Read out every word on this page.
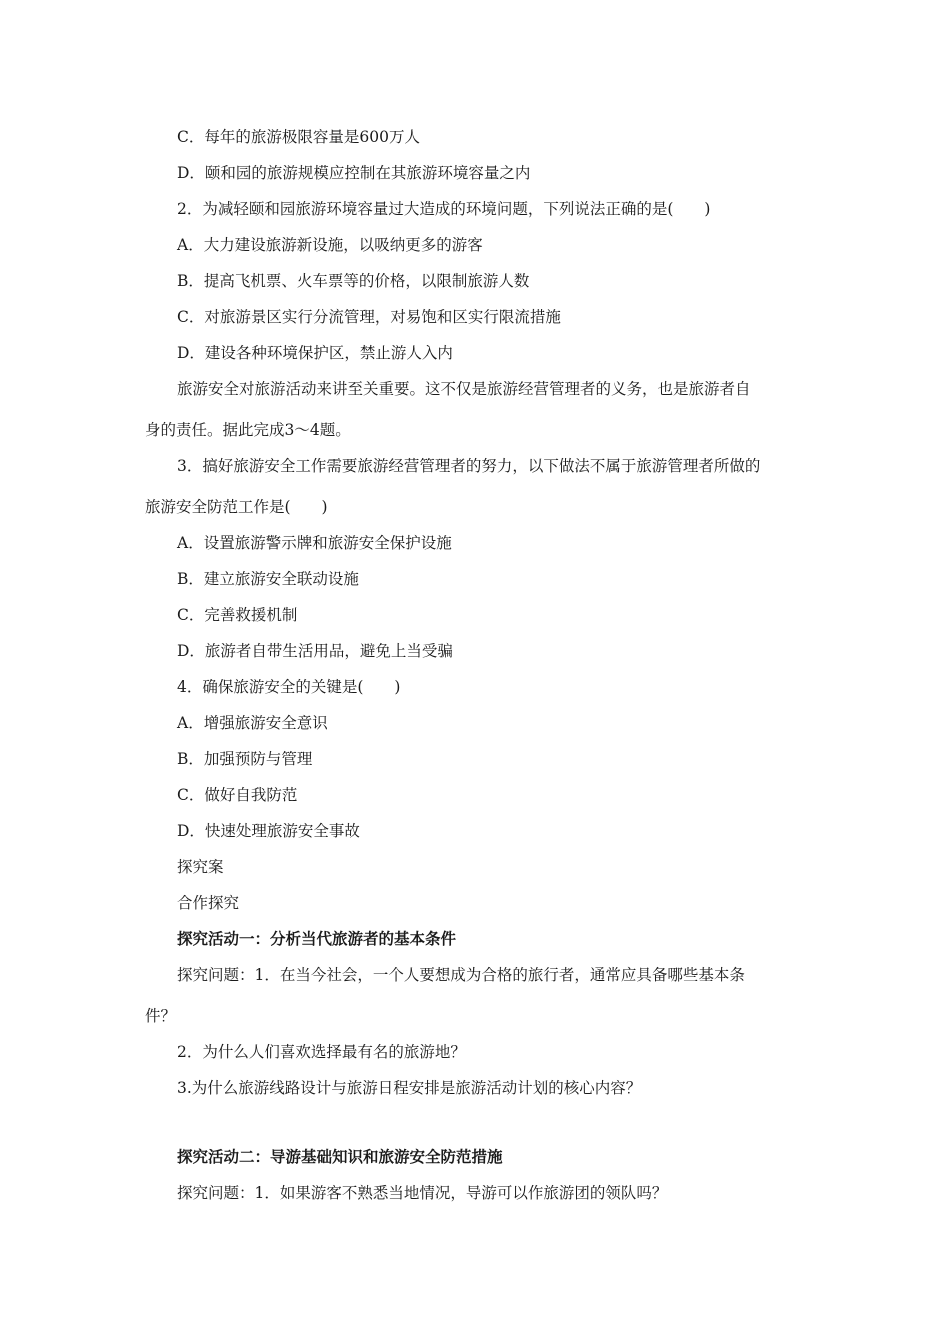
C．每年的旅游极限容量是600万人
D．颐和园的旅游规模应控制在其旅游环境容量之内
2．为减轻颐和园旅游环境容量过大造成的环境问题，下列说法正确的是(　　)
A．大力建设旅游新设施，以吸纳更多的游客
B．提高飞机票、火车票等的价格，以限制旅游人数
C．对旅游景区实行分流管理，对易饱和区实行限流措施
D．建设各种环境保护区，禁止游人入内
旅游安全对旅游活动来讲至关重要。这不仅是旅游经营管理者的义务，也是旅游者自
身的责任。据此完成3～4题。
3．搞好旅游安全工作需要旅游经营管理者的努力，以下做法不属于旅游管理者所做的
旅游安全防范工作是(　　)
A．设置旅游警示牌和旅游安全保护设施
B．建立旅游安全联动设施
C．完善救援机制
D．旅游者自带生活用品，避免上当受骗
4．确保旅游安全的关键是(　　)
A．增强旅游安全意识
B．加强预防与管理
C．做好自我防范
D．快速处理旅游安全事故
探究案
合作探究
探究活动一：分析当代旅游者的基本条件
探究问题：1．在当今社会，一个人要想成为合格的旅行者，通常应具备哪些基本条
件？
2．为什么人们喜欢选择最有名的旅游地？
3.为什么旅游线路设计与旅游日程安排是旅游活动计划的核心内容？
探究活动二：导游基础知识和旅游安全防范措施
探究问题：1．如果游客不熟悉当地情况，导游可以作旅游团的领队吗？
